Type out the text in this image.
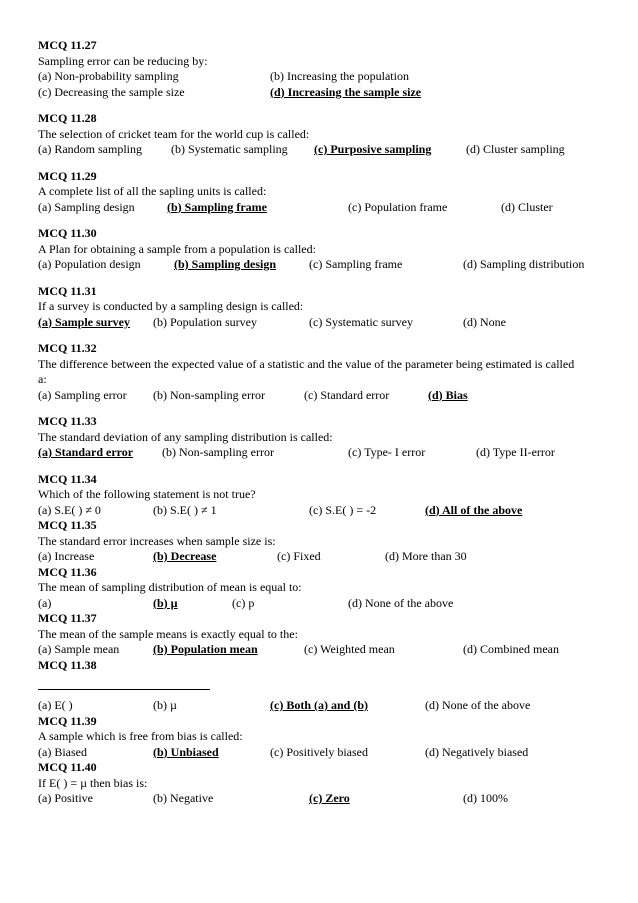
MCQ 11.27
Sampling error can be reducing by:
(a) Non-probability sampling	(b) Increasing the population
(c) Decreasing the sample size	(d) Increasing the sample size
MCQ 11.28
The selection of cricket team for the world cup is called:
(a) Random sampling (b) Systematic sampling (c) Purposive sampling	(d) Cluster sampling
MCQ 11.29
A complete list of all the sapling units is called:
(a) Sampling design	(b) Sampling frame	(c) Population frame	(d) Cluster
MCQ 11.30
A Plan for obtaining a sample from a population is called:
(a) Population design	(b) Sampling design	(c) Sampling frame	(d) Sampling distribution
MCQ 11.31
If a survey is conducted by a sampling design is called:
(a) Sample survey (b) Population survey	(c) Systematic survey	(d) None
MCQ 11.32
The difference between the expected value of a statistic and the value of the parameter being estimated is called a:
(a) Sampling error (b) Non-sampling error	(c) Standard error	(d) Bias
MCQ 11.33
The standard deviation of any sampling distribution is called:
(a) Standard error (b) Non-sampling error	(c) Type- I error	(d) Type II-error
MCQ 11.34
Which of the following statement is not true?
(a) S.E( ) ≠ 0	(b) S.E( ) ≠ 1	(c) S.E( ) = -2	(d) All of the above
MCQ 11.35
The standard error increases when sample size is:
(a) Increase	(b) Decrease	(c) Fixed	(d) More than 30
MCQ 11.36
The mean of sampling distribution of mean is equal to:
(a)	(b) µ	(c) p	(d) None of the above
MCQ 11.37
The mean of the sample means is exactly equal to the:
(a) Sample mean	(b) Population mean	(c) Weighted mean	(d) Combined mean
MCQ 11.38
(a) E( )	(b) µ	(c) Both (a) and (b)	(d) None of the above
MCQ 11.39
A sample which is free from bias is called:
(a) Biased	(b) Unbiased	(c) Positively biased	(d) Negatively biased
MCQ 11.40
If E( ) = µ then bias is:
(a) Positive	(b) Negative	(c) Zero	(d) 100%
